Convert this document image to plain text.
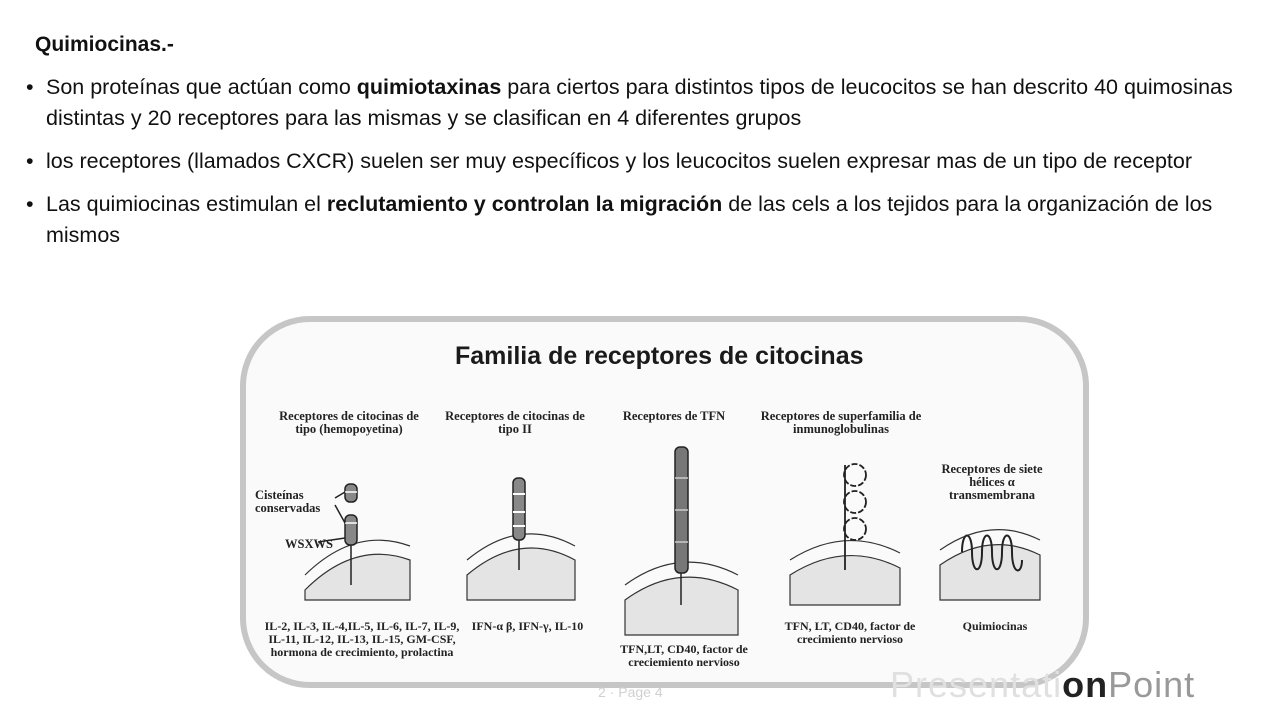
Quimiocinas.-
• Son proteínas que actúan como quimiotaxinas para ciertos para distintos tipos de leucocitos se han descrito 40 quimosinas distintas y 20 receptores para las mismas y se clasifican en 4 diferentes grupos
• los receptores (llamados CXCR) suelen ser muy específicos y los leucocitos suelen expresar mas de un tipo de receptor
• Las quimiocinas estimulan el reclutamiento y controlan la migración de las cels a los tejidos para la organización de los mismos
Familia de receptores de citocinas
Receptores de citocinas de tipo (hemopoyetina)
Receptores de citocinas de tipo II
Receptores de TFN	Receptores de superfamilia de inmunoglobulinas
Receptores de siete hélices α transmembrana
Cisteínas conservadas
WSXWS
IL-2, IL-3, IL-4,IL-5, IL-6, IL-7, IL-9, IL-11, IL-12, IL-13, IL-15, GM-CSF, hormona de crecimiento, prolactina
IFN-α β, IFN-γ, IL-10
TFN,LT, CD40, factor de creciemiento nervioso
TFN, LT, CD40, factor de crecimiento nervioso
Quimiocinas
2 · Page 4	PresentationPoint
